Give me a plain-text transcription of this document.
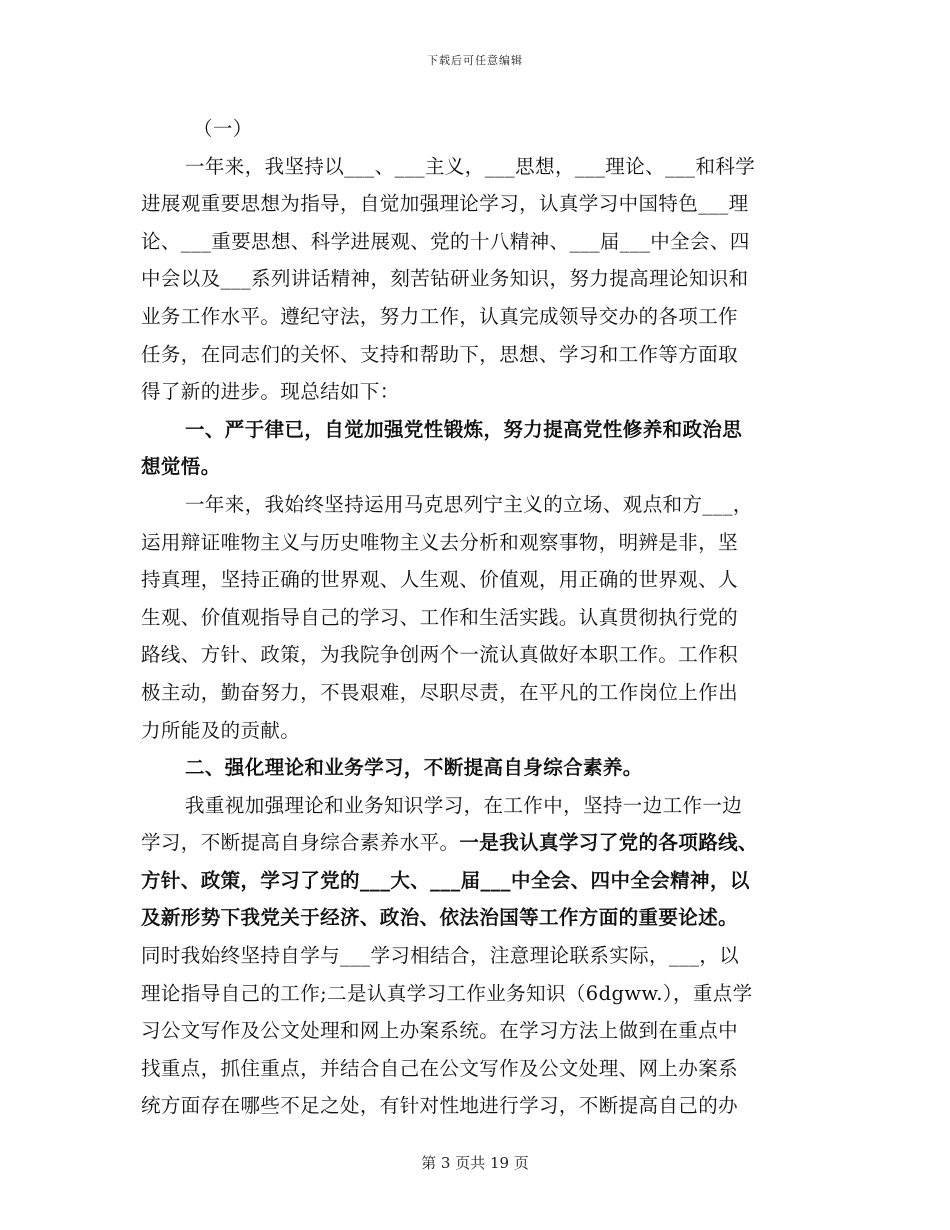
下载后可任意编辑
（一）
一年来，我坚持以___、___主义，___思想，___理论、___和科学
进展观重要思想为指导，自觉加强理论学习，认真学习中国特色___理
论、___重要思想、科学进展观、党的十八精神、___届___中全会、四
中会以及___系列讲话精神，刻苦钻研业务知识，努力提高理论知识和
业务工作水平。遵纪守法，努力工作，认真完成领导交办的各项工作
任务，在同志们的关怀、支持和帮助下，思想、学习和工作等方面取
得了新的进步。现总结如下：
一、严于律已，自觉加强党性锻炼，努力提高党性修养和政治思
想觉悟。
一年来，我始终坚持运用马克思列宁主义的立场、观点和方___，
运用辩证唯物主义与历史唯物主义去分析和观察事物，明辨是非，坚
持真理，坚持正确的世界观、人生观、价值观，用正确的世界观、人
生观、价值观指导自己的学习、工作和生活实践。认真贯彻执行党的
路线、方针、政策，为我院争创两个一流认真做好本职工作。工作积
极主动，勤奋努力，不畏艰难，尽职尽责，在平凡的工作岗位上作出
力所能及的贡献。
二、强化理论和业务学习，不断提高自身综合素养。
我重视加强理论和业务知识学习，在工作中，坚持一边工作一边
学习，不断提高自身综合素养水平。一是我认真学习了党的各项路线、
方针、政策，学习了党的___大、___届___中全会、四中全会精神，以
及新形势下我党关于经济、政治、依法治国等工作方面的重要论述。
同时我始终坚持自学与___学习相结合，注意理论联系实际，___，以
理论指导自己的工作;二是认真学习工作业务知识（6dgww.），重点学
习公文写作及公文处理和网上办案系统。在学习方法上做到在重点中
找重点，抓住重点，并结合自己在公文写作及公文处理、网上办案系
统方面存在哪些不足之处，有针对性地进行学习，不断提高自己的办
第 3 页共 19 页
